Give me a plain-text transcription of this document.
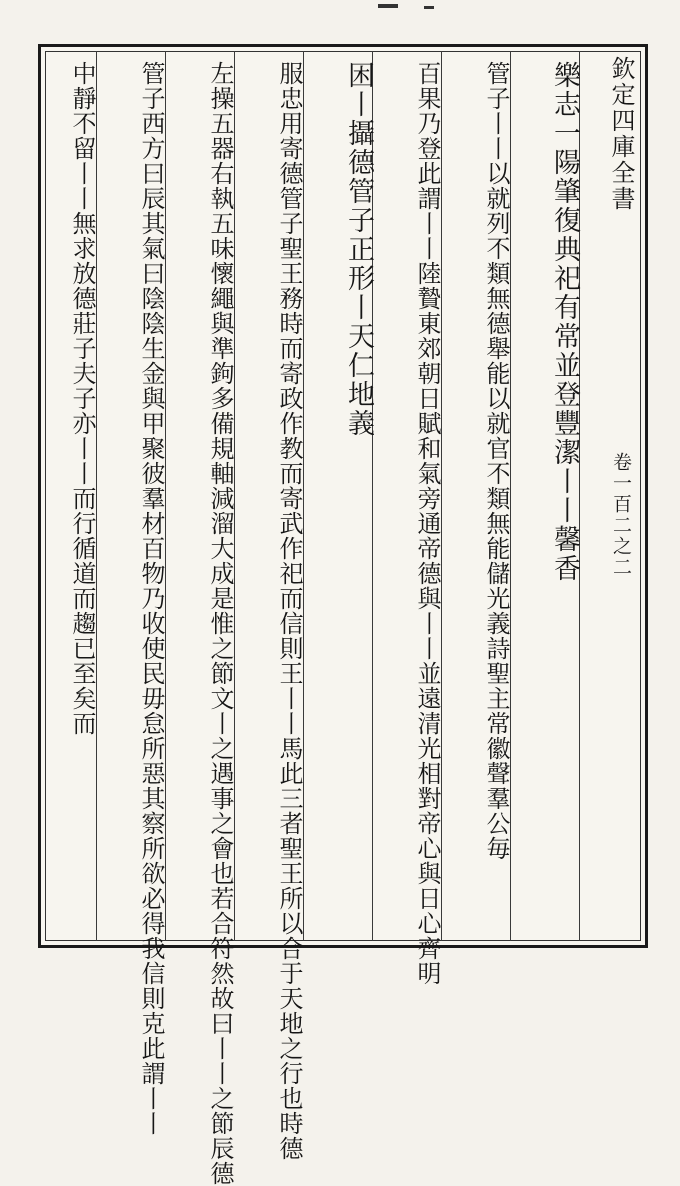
樂志一陽肇復典祀有常並登豐潔丨丨馨香
管子丨丨以就列不類無德舉能以就官不類無能儲光義詩聖主常徽聲羣公毎
百果乃登此謂丨丨陸贄東郊朝日賦和氣旁通帝德與丨丨並遠清光相對帝心與日心齊明
困丨攝德管子正形丨天仁地義
服忠用寄德管子聖王務時而寄政作教而寄武作祀而信則王丨丨馬此三者聖王所以合于天地之行也時德
左操五器右執五味懷繩與準鉤多備規軸減溜大成是惟之節文丨之遇事之會也若合符然故曰丨丨之節辰德
管子西方曰辰其氣曰陰陰生金與甲聚彼羣材百物乃收使民毋怠所惡其察所欲必得我信則克此謂丨丨
中靜不留丨丨無求放德莊子夫子亦丨丨而行循道而趨已至矣而	欽定四庫全書
卷一百二之二
